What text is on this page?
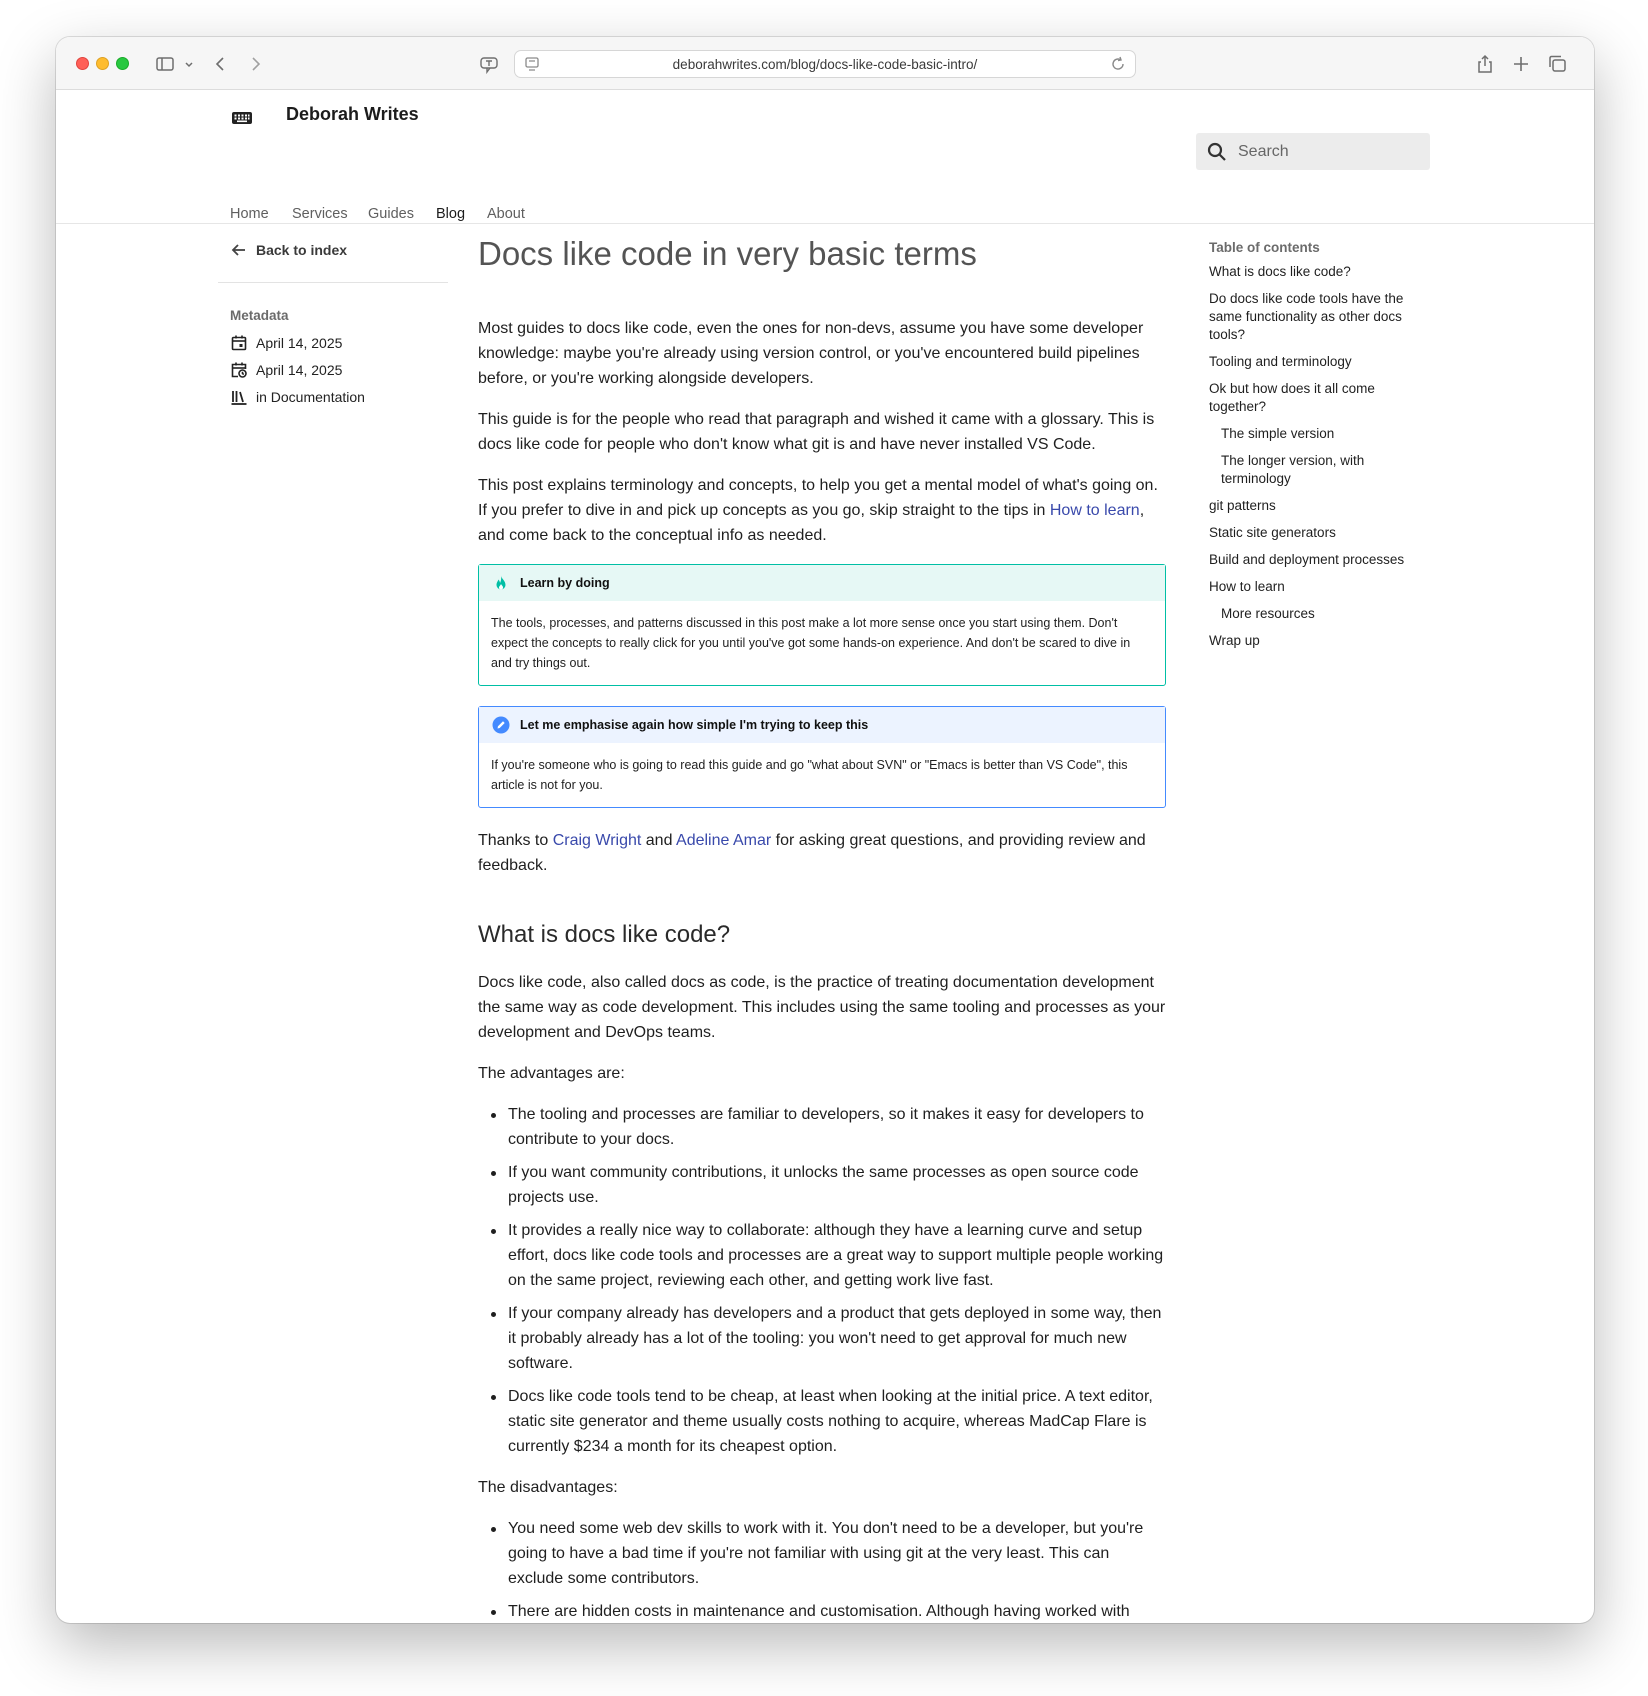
deborahwrites.com/blog/docs-like-code-basic-intro/
Deborah Writes
Search
Home Services Guides Blog About
Back to index
Metadata
April 14, 2025
April 14, 2025
in Documentation
Docs like code in very basic terms

Most guides to docs like code, even the ones for non-devs, assume you have some developer knowledge: maybe you're already using version control, or you've encountered build pipelines before, or you're working alongside developers.

This guide is for the people who read that paragraph and wished it came with a glossary. This is docs like code for people who don't know what git is and have never installed VS Code.

This post explains terminology and concepts, to help you get a mental model of what's going on. If you prefer to dive in and pick up concepts as you go, skip straight to the tips in How to learn, and come back to the conceptual info as needed.

Learn by doing
The tools, processes, and patterns discussed in this post make a lot more sense once you start using them. Don't expect the concepts to really click for you until you've got some hands-on experience. And don't be scared to dive in and try things out.
Let me emphasise again how simple I'm trying to keep this
If you're someone who is going to read this guide and go "what about SVN" or "Emacs is better than VS Code", this article is not for you.

Thanks to Craig Wright and Adeline Amar for asking great questions, and providing review and feedback.

What is docs like code?

Docs like code, also called docs as code, is the practice of treating documentation development the same way as code development. This includes using the same tooling and processes as your development and DevOps teams.

The advantages are:

The tooling and processes are familiar to developers, so it makes it easy for developers to contribute to your docs.
If you want community contributions, it unlocks the same processes as open source code projects use.
It provides a really nice way to collaborate: although they have a learning curve and setup effort, docs like code tools and processes are a great way to support multiple people working on the same project, reviewing each other, and getting work live fast.
If your company already has developers and a product that gets deployed in some way, then it probably already has a lot of the tooling: you won't need to get approval for much new software.
Docs like code tools tend to be cheap, at least when looking at the initial price. A text editor, static site generator and theme usually costs nothing to acquire, whereas MadCap Flare is currently $234 a month for its cheapest option.

The disadvantages:

You need some web dev skills to work with it. You don't need to be a developer, but you're going to have a bad time if you're not familiar with using git at the very least. This can exclude some contributors.
There are hidden costs in maintenance and customisation. Although having worked with
Table of contents
What is docs like code?
Do docs like code tools have the same functionality as other docs tools?
Tooling and terminology
Ok but how does it all come together?
The simple version
The longer version, with terminology
git patterns
Static site generators
Build and deployment processes
How to learn
More resources
Wrap up
